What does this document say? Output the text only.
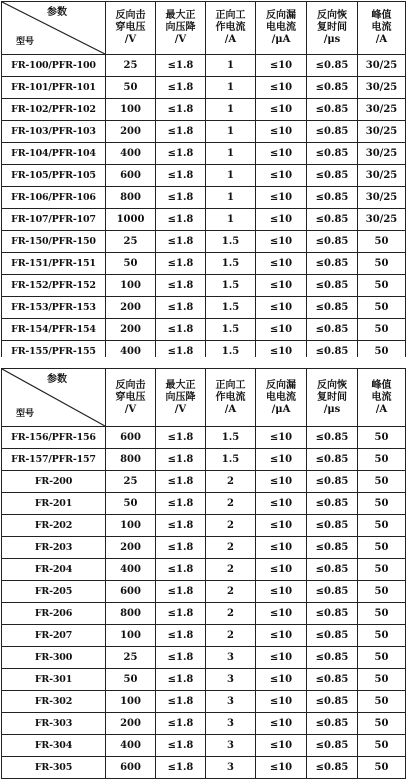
参数
型号	反向击
穿电压
/V	最大正
向压降
/V	正向工
作电流
/A	反向漏
电电流
/μA	反向恢
复时间
/μs	峰值
电流
/A

FR-100/PFR-100	25	≤1.8	1	≤10	≤0.85	30/25
FR-101/PFR-101	50	≤1.8	1	≤10	≤0.85	30/25
FR-102/PFR-102	100	≤1.8	1	≤10	≤0.85	30/25
FR-103/PFR-103	200	≤1.8	1	≤10	≤0.85	30/25
FR-104/PFR-104	400	≤1.8	1	≤10	≤0.85	30/25
FR-105/PFR-105	600	≤1.8	1	≤10	≤0.85	30/25
FR-106/PFR-106	800	≤1.8	1	≤10	≤0.85	30/25
FR-107/PFR-107	1000	≤1.8	1	≤10	≤0.85	30/25
FR-150/PFR-150	25	≤1.8	1.5	≤10	≤0.85	50
FR-151/PFR-151	50	≤1.8	1.5	≤10	≤0.85	50
FR-152/PFR-152	100	≤1.8	1.5	≤10	≤0.85	50
FR-153/PFR-153	200	≤1.8	1.5	≤10	≤0.85	50
FR-154/PFR-154	200	≤1.8	1.5	≤10	≤0.85	50
FR-155/PFR-155	400	≤1.8	1.5	≤10	≤0.85	50
参数
型号	反向击
穿电压
/V	最大正
向压降
/V	正向工
作电流
/A	反向漏
电电流
/μA	反向恢
复时间
/μs	峰值
电流
/A

FR-156/PFR-156	600	≤1.8	1.5	≤10	≤0.85	50
FR-157/PFR-157	800	≤1.8	1.5	≤10	≤0.85	50
FR-200	25	≤1.8	2	≤10	≤0.85	50
FR-201	50	≤1.8	2	≤10	≤0.85	50
FR-202	100	≤1.8	2	≤10	≤0.85	50
FR-203	200	≤1.8	2	≤10	≤0.85	50
FR-204	400	≤1.8	2	≤10	≤0.85	50
FR-205	600	≤1.8	2	≤10	≤0.85	50
FR-206	800	≤1.8	2	≤10	≤0.85	50
FR-207	100	≤1.8	2	≤10	≤0.85	50
FR-300	25	≤1.8	3	≤10	≤0.85	50
FR-301	50	≤1.8	3	≤10	≤0.85	50
FR-302	100	≤1.8	3	≤10	≤0.85	50
FR-303	200	≤1.8	3	≤10	≤0.85	50
FR-304	400	≤1.8	3	≤10	≤0.85	50
FR-305	600	≤1.8	3	≤10	≤0.85	50
